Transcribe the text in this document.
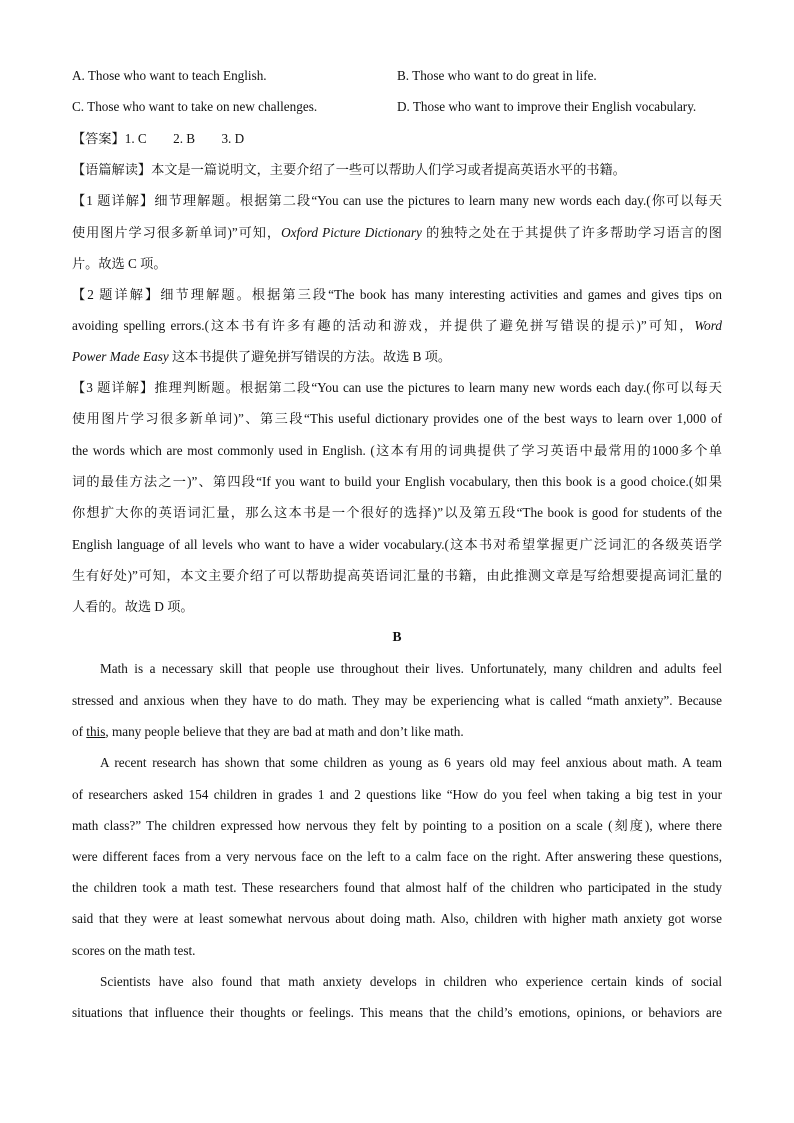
A. Those who want to teach English.	B. Those who want to do great in life.
C. Those who want to take on new challenges.	D. Those who want to improve their English vocabulary.
【答案】1. C        2. B        3. D
【语篇解读】本文是一篇说明文，主要介绍了一些可以帮助人们学习或者提高英语水平的书籍。
【1 题详解】细节理解题。根据第二段“You can use the pictures to learn many new words each day.(你可以每天
使用图片学习很多新单词)”可知，Oxford Picture Dictionary 的独特之处在于其提供了许多帮助学习语言的图
片。故选 C 项。
【2 题详解】细节理解题。根据第三段“The book has many interesting activities and games and gives tips on
avoiding spelling errors.(这本书有许多有趣的活动和游戏，并提供了避免拼写错误的提示)”可知，Word
Power Made Easy 这本书提供了避免拼写错误的方法。故选 B 项。
【3 题详解】推理判断题。根据第二段“You can use the pictures to learn many new words each day.(你可以每天
使用图片学习很多新单词)”、第三段“This useful dictionary provides one of the best ways to learn over 1,000 of
the words which are most commonly used in English. (这本有用的词典提供了学习英语中最常用的1000多个单
词的最佳方法之一)”、第四段“If you want to build your English vocabulary, then this book is a good choice.(如果
你想扩大你的英语词汇量，那么这本书是一个很好的选择)”以及第五段“The book is good for students of the
English language of all levels who want to have a wider vocabulary.(这本书对希望掌握更广泛词汇的各级英语学
生有好处)”可知，本文主要介绍了可以帮助提高英语词汇量的书籍，由此推测文章是写给想要提高词汇量的
人看的。故选 D 项。
B
Math is a necessary skill that people use throughout their lives. Unfortunately, many children and adults feel
stressed and anxious when they have to do math. They may be experiencing what is called “math anxiety”. Because
of this, many people believe that they are bad at math and don’t like math.
A recent research has shown that some children as young as 6 years old may feel anxious about math. A team
of researchers asked 154 children in grades 1 and 2 questions like “How do you feel when taking a big test in your
math class?” The children expressed how nervous they felt by pointing to a position on a scale (刻度), where there
were different faces from a very nervous face on the left to a calm face on the right. After answering these questions,
the children took a math test. These researchers found that almost half of the children who participated in the study
said that they were at least somewhat nervous about doing math. Also, children with higher math anxiety got worse
scores on the math test.
Scientists have also found that math anxiety develops in children who experience certain kinds of social
situations that influence their thoughts or feelings. This means that the child’s emotions, opinions, or behaviors are
